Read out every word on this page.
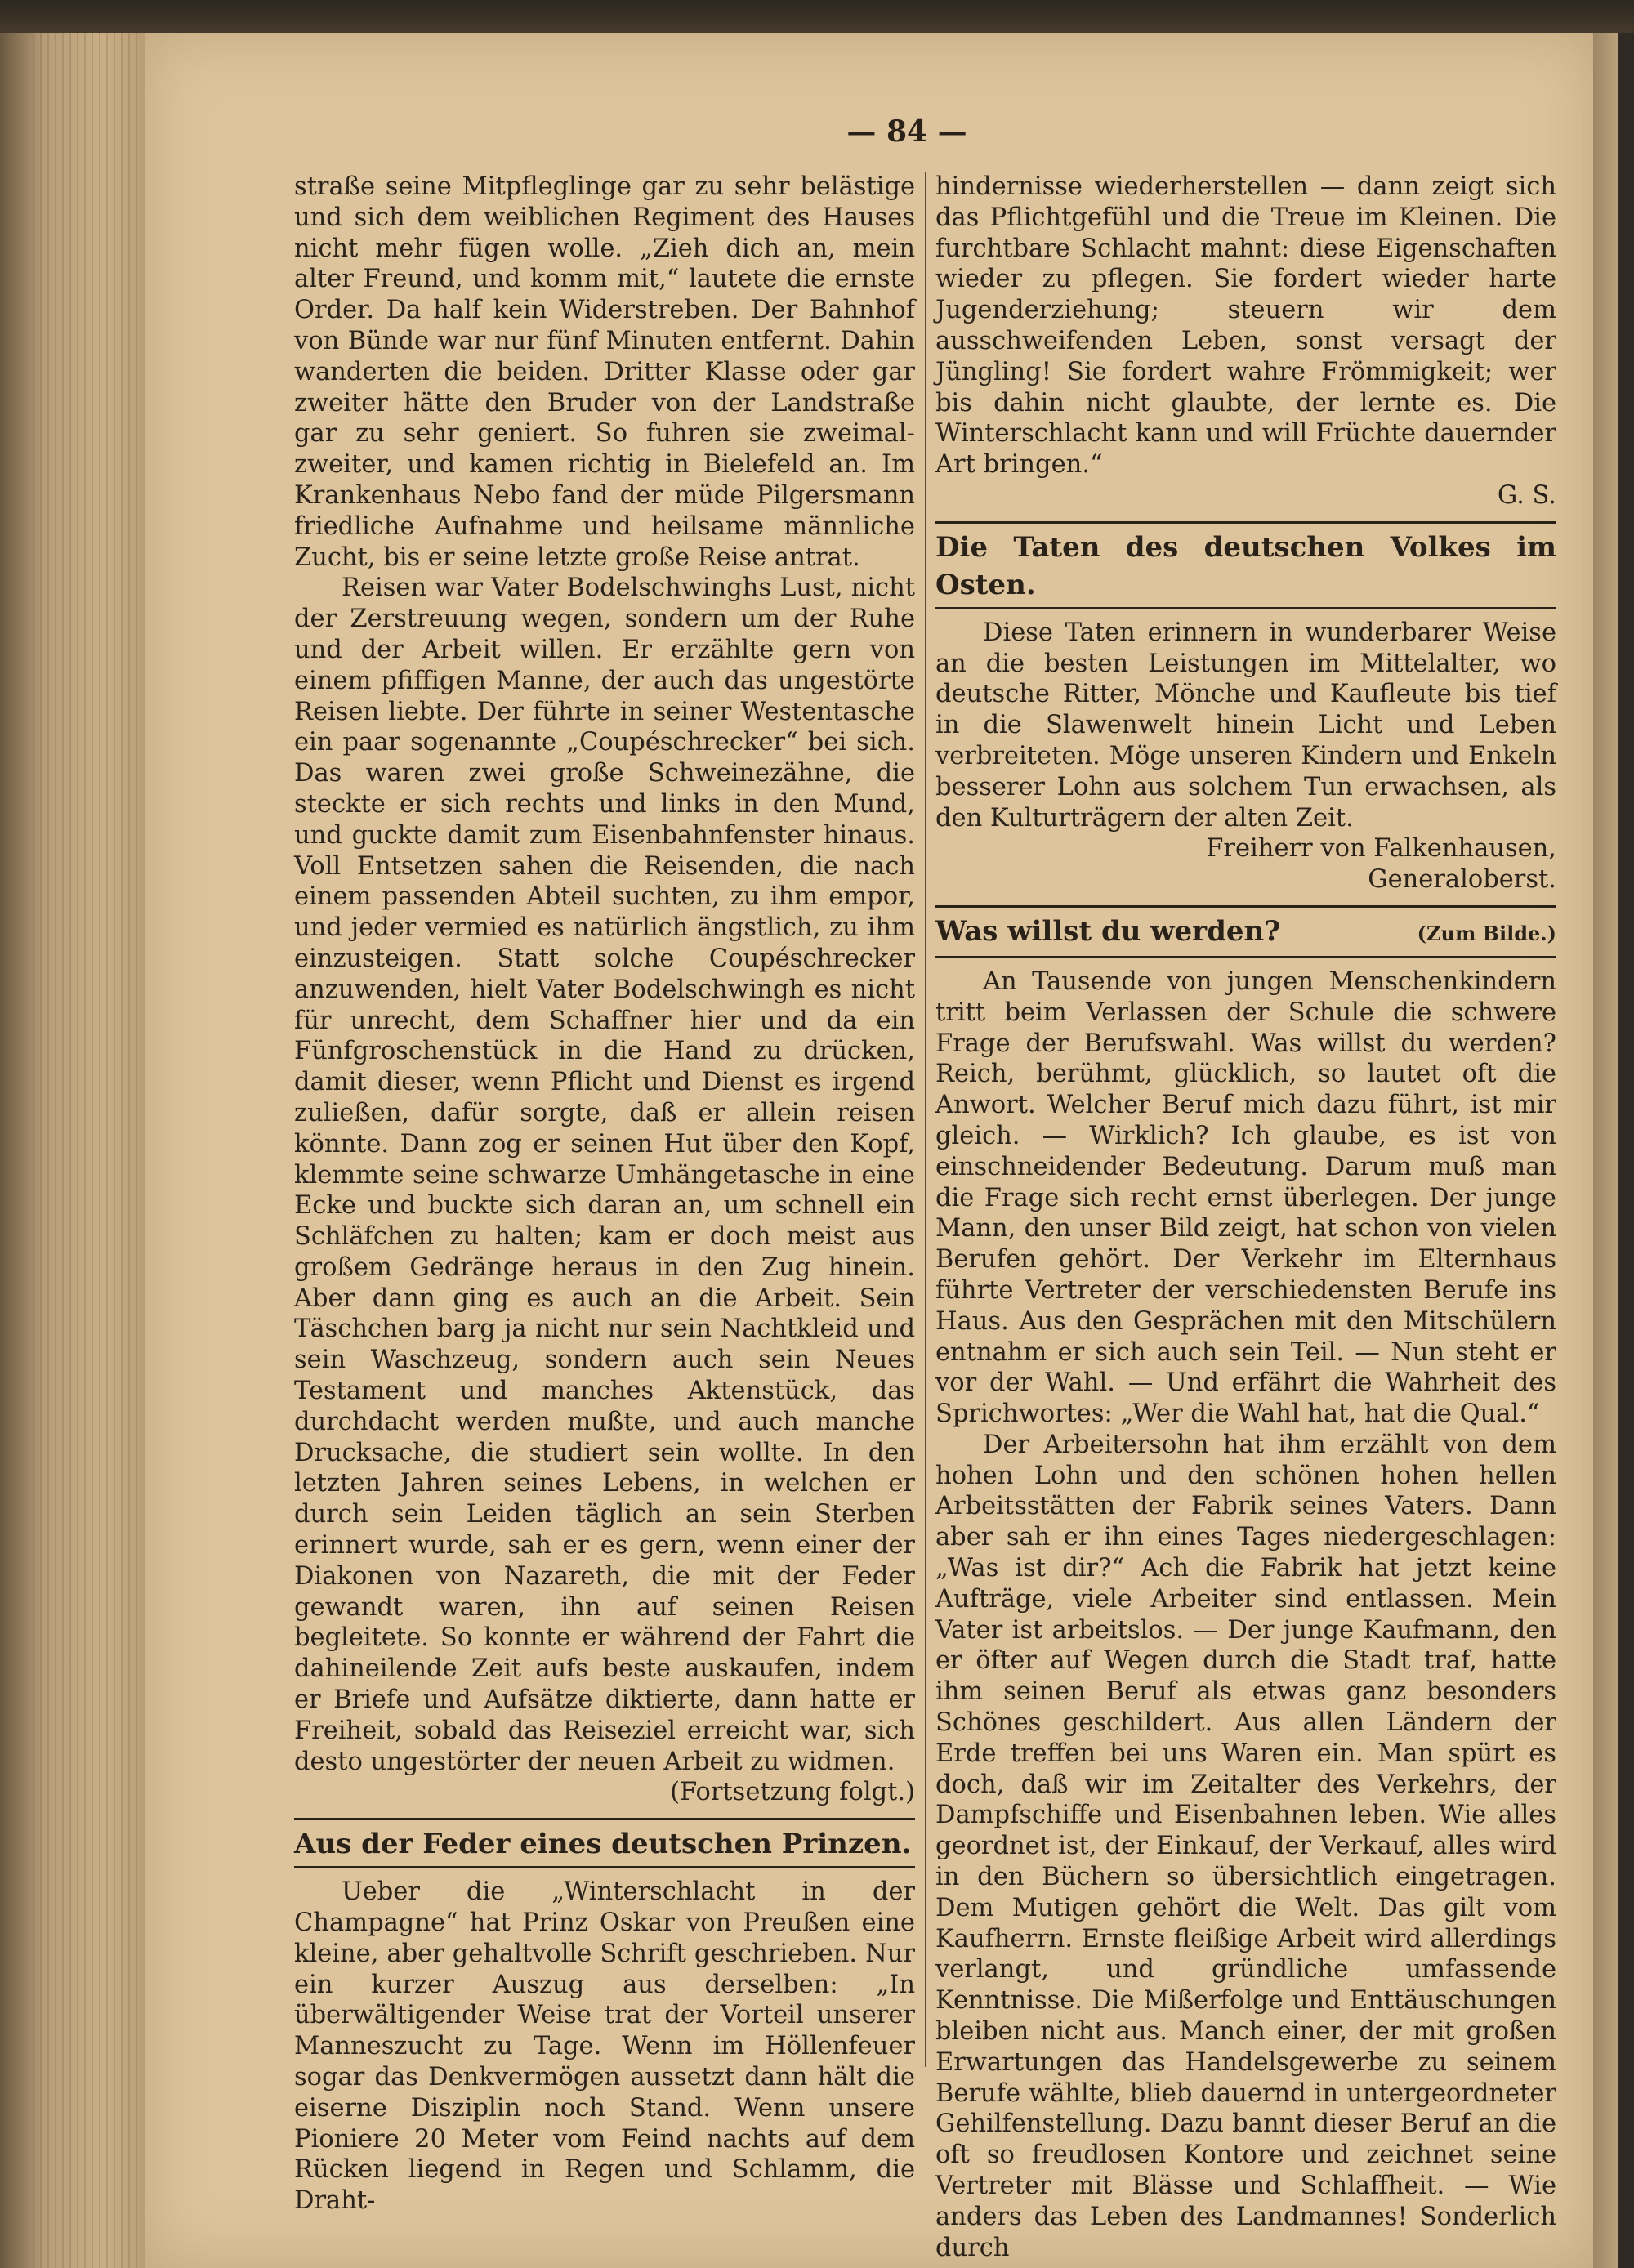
— 84 —

straße seine Mitpfleglinge gar zu sehr belästige und sich dem weiblichen Regiment des Hauses nicht mehr fügen wolle. „Zieh dich an, mein alter Freund, und komm mit,“ lautete die ernste Order. Da half kein Widerstreben. Der Bahnhof von Bünde war nur fünf Minuten entfernt. Dahin wanderten die beiden. Dritter Klasse oder gar zweiter hätte den Bruder von der Landstraße gar zu sehr geniert. So fuhren sie zweimal-zweiter, und kamen richtig in Bielefeld an. Im Krankenhaus Nebo fand der müde Pilgersmann friedliche Aufnahme und heilsame männliche Zucht, bis er seine letzte große Reise antrat.

Reisen war Vater Bodelschwinghs Lust, nicht der Zerstreuung wegen, sondern um der Ruhe und der Arbeit willen. Er erzählte gern von einem pfiffigen Manne, der auch das ungestörte Reisen liebte. Der führte in seiner Westentasche ein paar sogenannte „Coupéschrecker“ bei sich. Das waren zwei große Schweinezähne, die steckte er sich rechts und links in den Mund, und guckte damit zum Eisenbahnfenster hinaus. Voll Entsetzen sahen die Reisenden, die nach einem passenden Abteil suchten, zu ihm empor, und jeder vermied es natürlich ängstlich, zu ihm einzusteigen. Statt solche Coupéschrecker anzuwenden, hielt Vater Bodelschwingh es nicht für unrecht, dem Schaffner hier und da ein Fünfgroschenstück in die Hand zu drücken, damit dieser, wenn Pflicht und Dienst es irgend zuließen, dafür sorgte, daß er allein reisen könnte. Dann zog er seinen Hut über den Kopf, klemmte seine schwarze Umhängetasche in eine Ecke und buckte sich daran an, um schnell ein Schläfchen zu halten; kam er doch meist aus großem Gedränge heraus in den Zug hinein. Aber dann ging es auch an die Arbeit. Sein Täschchen barg ja nicht nur sein Nachtkleid und sein Waschzeug, sondern auch sein Neues Testament und manches Aktenstück, das durchdacht werden mußte, und auch manche Drucksache, die studiert sein wollte. In den letzten Jahren seines Lebens, in welchen er durch sein Leiden täglich an sein Sterben erinnert wurde, sah er es gern, wenn einer der Diakonen von Nazareth, die mit der Feder gewandt waren, ihn auf seinen Reisen begleitete. So konnte er während der Fahrt die dahineilende Zeit aufs beste auskaufen, indem er Briefe und Aufsätze diktierte, dann hatte er Freiheit, sobald das Reiseziel erreicht war, sich desto ungestörter der neuen Arbeit zu widmen.

(Fortsetzung folgt.)

Aus der Feder eines deutschen Prinzen.

Ueber die „Winterschlacht in der Champagne“ hat Prinz Oskar von Preußen eine kleine, aber gehaltvolle Schrift geschrieben. Nur ein kurzer Auszug aus derselben: „In überwältigender Weise trat der Vorteil unserer Manneszucht zu Tage. Wenn im Höllenfeuer sogar das Denkvermögen aussetzt dann hält die eiserne Disziplin noch Stand. Wenn unsere Pioniere 20 Meter vom Feind nachts auf dem Rücken liegend in Regen und Schlamm, die Draht-

hindernisse wiederherstellen — dann zeigt sich das Pflichtgefühl und die Treue im Kleinen. Die furchtbare Schlacht mahnt: diese Eigenschaften wieder zu pflegen. Sie fordert wieder harte Jugenderziehung; steuern wir dem ausschweifenden Leben, sonst versagt der Jüngling! Sie fordert wahre Frömmigkeit; wer bis dahin nicht glaubte, der lernte es. Die Winterschlacht kann und will Früchte dauernder Art bringen.“

G. S.

Die Taten des deutschen Volkes im Osten.

Diese Taten erinnern in wunderbarer Weise an die besten Leistungen im Mittelalter, wo deutsche Ritter, Mönche und Kaufleute bis tief in die Slawenwelt hinein Licht und Leben verbreiteten. Möge unseren Kindern und Enkeln besserer Lohn aus solchem Tun erwachsen, als den Kulturträgern der alten Zeit.

Freiherr von Falkenhausen,

Generaloberst.

Was willst du werden?	(Zum Bilde.)

An Tausende von jungen Menschenkindern tritt beim Verlassen der Schule die schwere Frage der Berufswahl. Was willst du werden? Reich, berühmt, glücklich, so lautet oft die Anwort. Welcher Beruf mich dazu führt, ist mir gleich. — Wirklich? Ich glaube, es ist von einschneidender Bedeutung. Darum muß man die Frage sich recht ernst überlegen. Der junge Mann, den unser Bild zeigt, hat schon von vielen Berufen gehört. Der Verkehr im Elternhaus führte Vertreter der verschiedensten Berufe ins Haus. Aus den Gesprächen mit den Mitschülern entnahm er sich auch sein Teil. — Nun steht er vor der Wahl. — Und erfährt die Wahrheit des Sprichwortes: „Wer die Wahl hat, hat die Qual.“

Der Arbeitersohn hat ihm erzählt von dem hohen Lohn und den schönen hohen hellen Arbeitsstätten der Fabrik seines Vaters. Dann aber sah er ihn eines Tages niedergeschlagen: „Was ist dir?“ Ach die Fabrik hat jetzt keine Aufträge, viele Arbeiter sind entlassen. Mein Vater ist arbeitslos. — Der junge Kaufmann, den er öfter auf Wegen durch die Stadt traf, hatte ihm seinen Beruf als etwas ganz besonders Schönes geschildert. Aus allen Ländern der Erde treffen bei uns Waren ein. Man spürt es doch, daß wir im Zeitalter des Verkehrs, der Dampfschiffe und Eisenbahnen leben. Wie alles geordnet ist, der Einkauf, der Verkauf, alles wird in den Büchern so übersichtlich eingetragen. Dem Mutigen gehört die Welt. Das gilt vom Kaufherrn. Ernste fleißige Arbeit wird allerdings verlangt, und gründliche umfassende Kenntnisse. Die Mißerfolge und Enttäuschungen bleiben nicht aus. Manch einer, der mit großen Erwartungen das Handelsgewerbe zu seinem Berufe wählte, blieb dauernd in untergeordneter Gehilfenstellung. Dazu bannt dieser Beruf an die oft so freudlosen Kontore und zeichnet seine Vertreter mit Blässe und Schlaffheit. — Wie anders das Leben des Landmannes! Sonderlich durch
